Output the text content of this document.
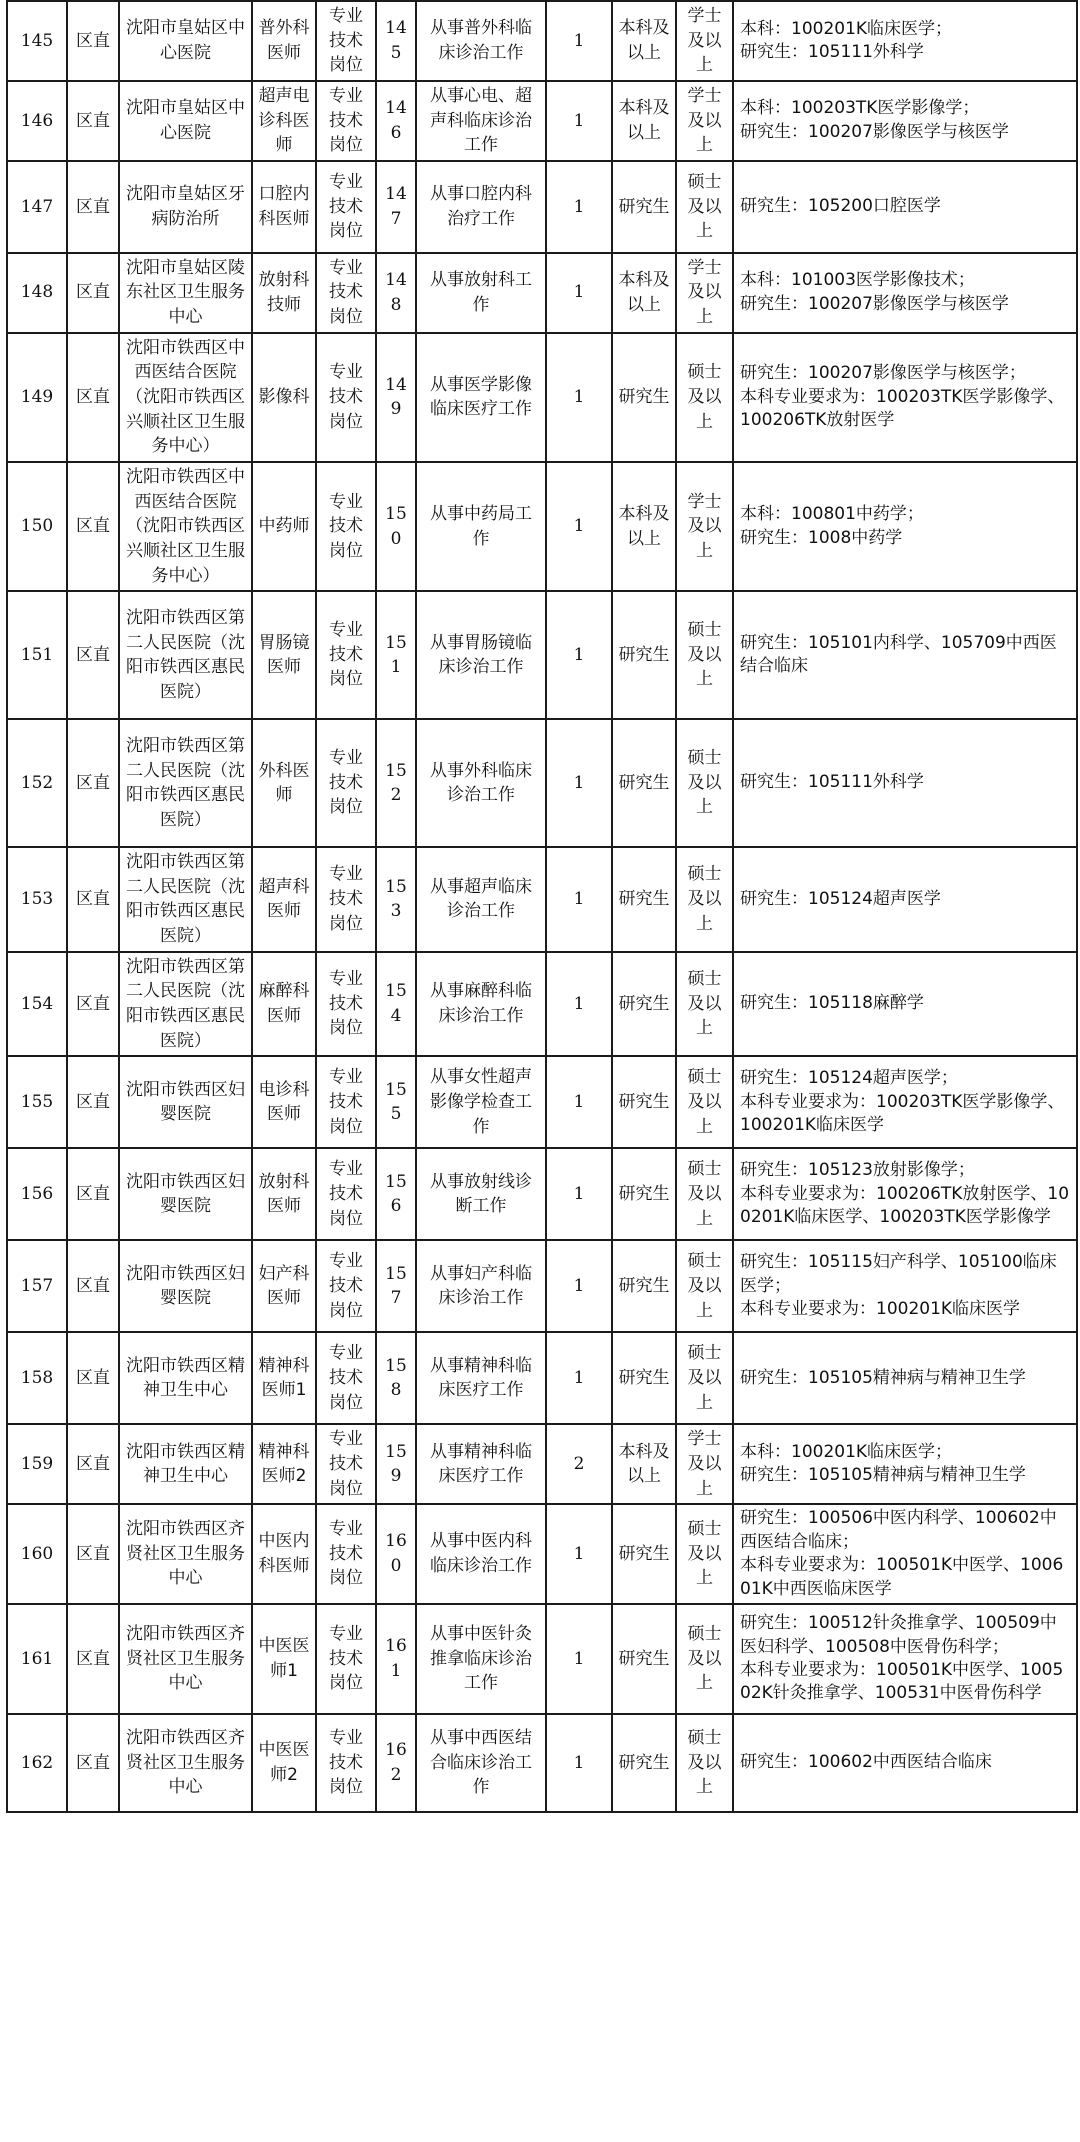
145	区直	沈阳市皇姑区中心医院	普外科医师	专业技术岗位	145	从事普外科临床诊治工作	1	本科及以上	学士及以上	本科：100201K临床医学；
研究生：105111外科学

146	区直	沈阳市皇姑区中心医院	超声电诊科医师	专业技术岗位	146	从事心电、超声科临床诊治工作	1	本科及以上	学士及以上	本科：100203TK医学影像学；
研究生：100207影像医学与核医学

147	区直	沈阳市皇姑区牙病防治所	口腔内科医师	专业技术岗位	147	从事口腔内科治疗工作	1	研究生	硕士及以上	研究生：105200口腔医学

148	区直	沈阳市皇姑区陵东社区卫生服务中心	放射科技师	专业技术岗位	148	从事放射科工作	1	本科及以上	学士及以上	本科：101003医学影像技术；
研究生：100207影像医学与核医学

149	区直	沈阳市铁西区中西医结合医院（沈阳市铁西区兴顺社区卫生服务中心）	影像科	专业技术岗位	149	从事医学影像临床医疗工作	1	研究生	硕士及以上	研究生：100207影像医学与核医学；
本科专业要求为：100203TK医学影像学、100206TK放射医学

150	区直	沈阳市铁西区中西医结合医院（沈阳市铁西区兴顺社区卫生服务中心）	中药师	专业技术岗位	150	从事中药局工作	1	本科及以上	学士及以上	本科：100801中药学；
研究生：1008中药学

151	区直	沈阳市铁西区第二人民医院（沈阳市铁西区惠民医院）	胃肠镜医师	专业技术岗位	151	从事胃肠镜临床诊治工作	1	研究生	硕士及以上	研究生：105101内科学、105709中西医结合临床

152	区直	沈阳市铁西区第二人民医院（沈阳市铁西区惠民医院）	外科医师	专业技术岗位	152	从事外科临床诊治工作	1	研究生	硕士及以上	研究生：105111外科学

153	区直	沈阳市铁西区第二人民医院（沈阳市铁西区惠民医院）	超声科医师	专业技术岗位	153	从事超声临床诊治工作	1	研究生	硕士及以上	研究生：105124超声医学

154	区直	沈阳市铁西区第二人民医院（沈阳市铁西区惠民医院）	麻醉科医师	专业技术岗位	154	从事麻醉科临床诊治工作	1	研究生	硕士及以上	研究生：105118麻醉学

155	区直	沈阳市铁西区妇婴医院	电诊科医师	专业技术岗位	155	从事女性超声影像学检查工作	1	研究生	硕士及以上	研究生：105124超声医学；
本科专业要求为：100203TK医学影像学、100201K临床医学

156	区直	沈阳市铁西区妇婴医院	放射科医师	专业技术岗位	156	从事放射线诊断工作	1	研究生	硕士及以上	研究生：105123放射影像学；
本科专业要求为：100206TK放射医学、100201K临床医学、100203TK医学影像学

157	区直	沈阳市铁西区妇婴医院	妇产科医师	专业技术岗位	157	从事妇产科临床诊治工作	1	研究生	硕士及以上	研究生：105115妇产科学、105100临床医学；
本科专业要求为：100201K临床医学

158	区直	沈阳市铁西区精神卫生中心	精神科医师1	专业技术岗位	158	从事精神科临床医疗工作	1	研究生	硕士及以上	研究生：105105精神病与精神卫生学

159	区直	沈阳市铁西区精神卫生中心	精神科医师2	专业技术岗位	159	从事精神科临床医疗工作	2	本科及以上	学士及以上	本科：100201K临床医学；
研究生：105105精神病与精神卫生学

160	区直	沈阳市铁西区齐贤社区卫生服务中心	中医内科医师	专业技术岗位	160	从事中医内科临床诊治工作	1	研究生	硕士及以上	研究生：100506中医内科学、100602中西医结合临床；
本科专业要求为：100501K中医学、100601K中西医临床医学

161	区直	沈阳市铁西区齐贤社区卫生服务中心	中医医师1	专业技术岗位	161	从事中医针灸推拿临床诊治工作	1	研究生	硕士及以上	研究生：100512针灸推拿学、100509中医妇科学、100508中医骨伤科学；
本科专业要求为：100501K中医学、100502K针灸推拿学、100531中医骨伤科学

162	区直	沈阳市铁西区齐贤社区卫生服务中心	中医医师2	专业技术岗位	162	从事中西医结合临床诊治工作	1	研究生	硕士及以上	研究生：100602中西医结合临床
